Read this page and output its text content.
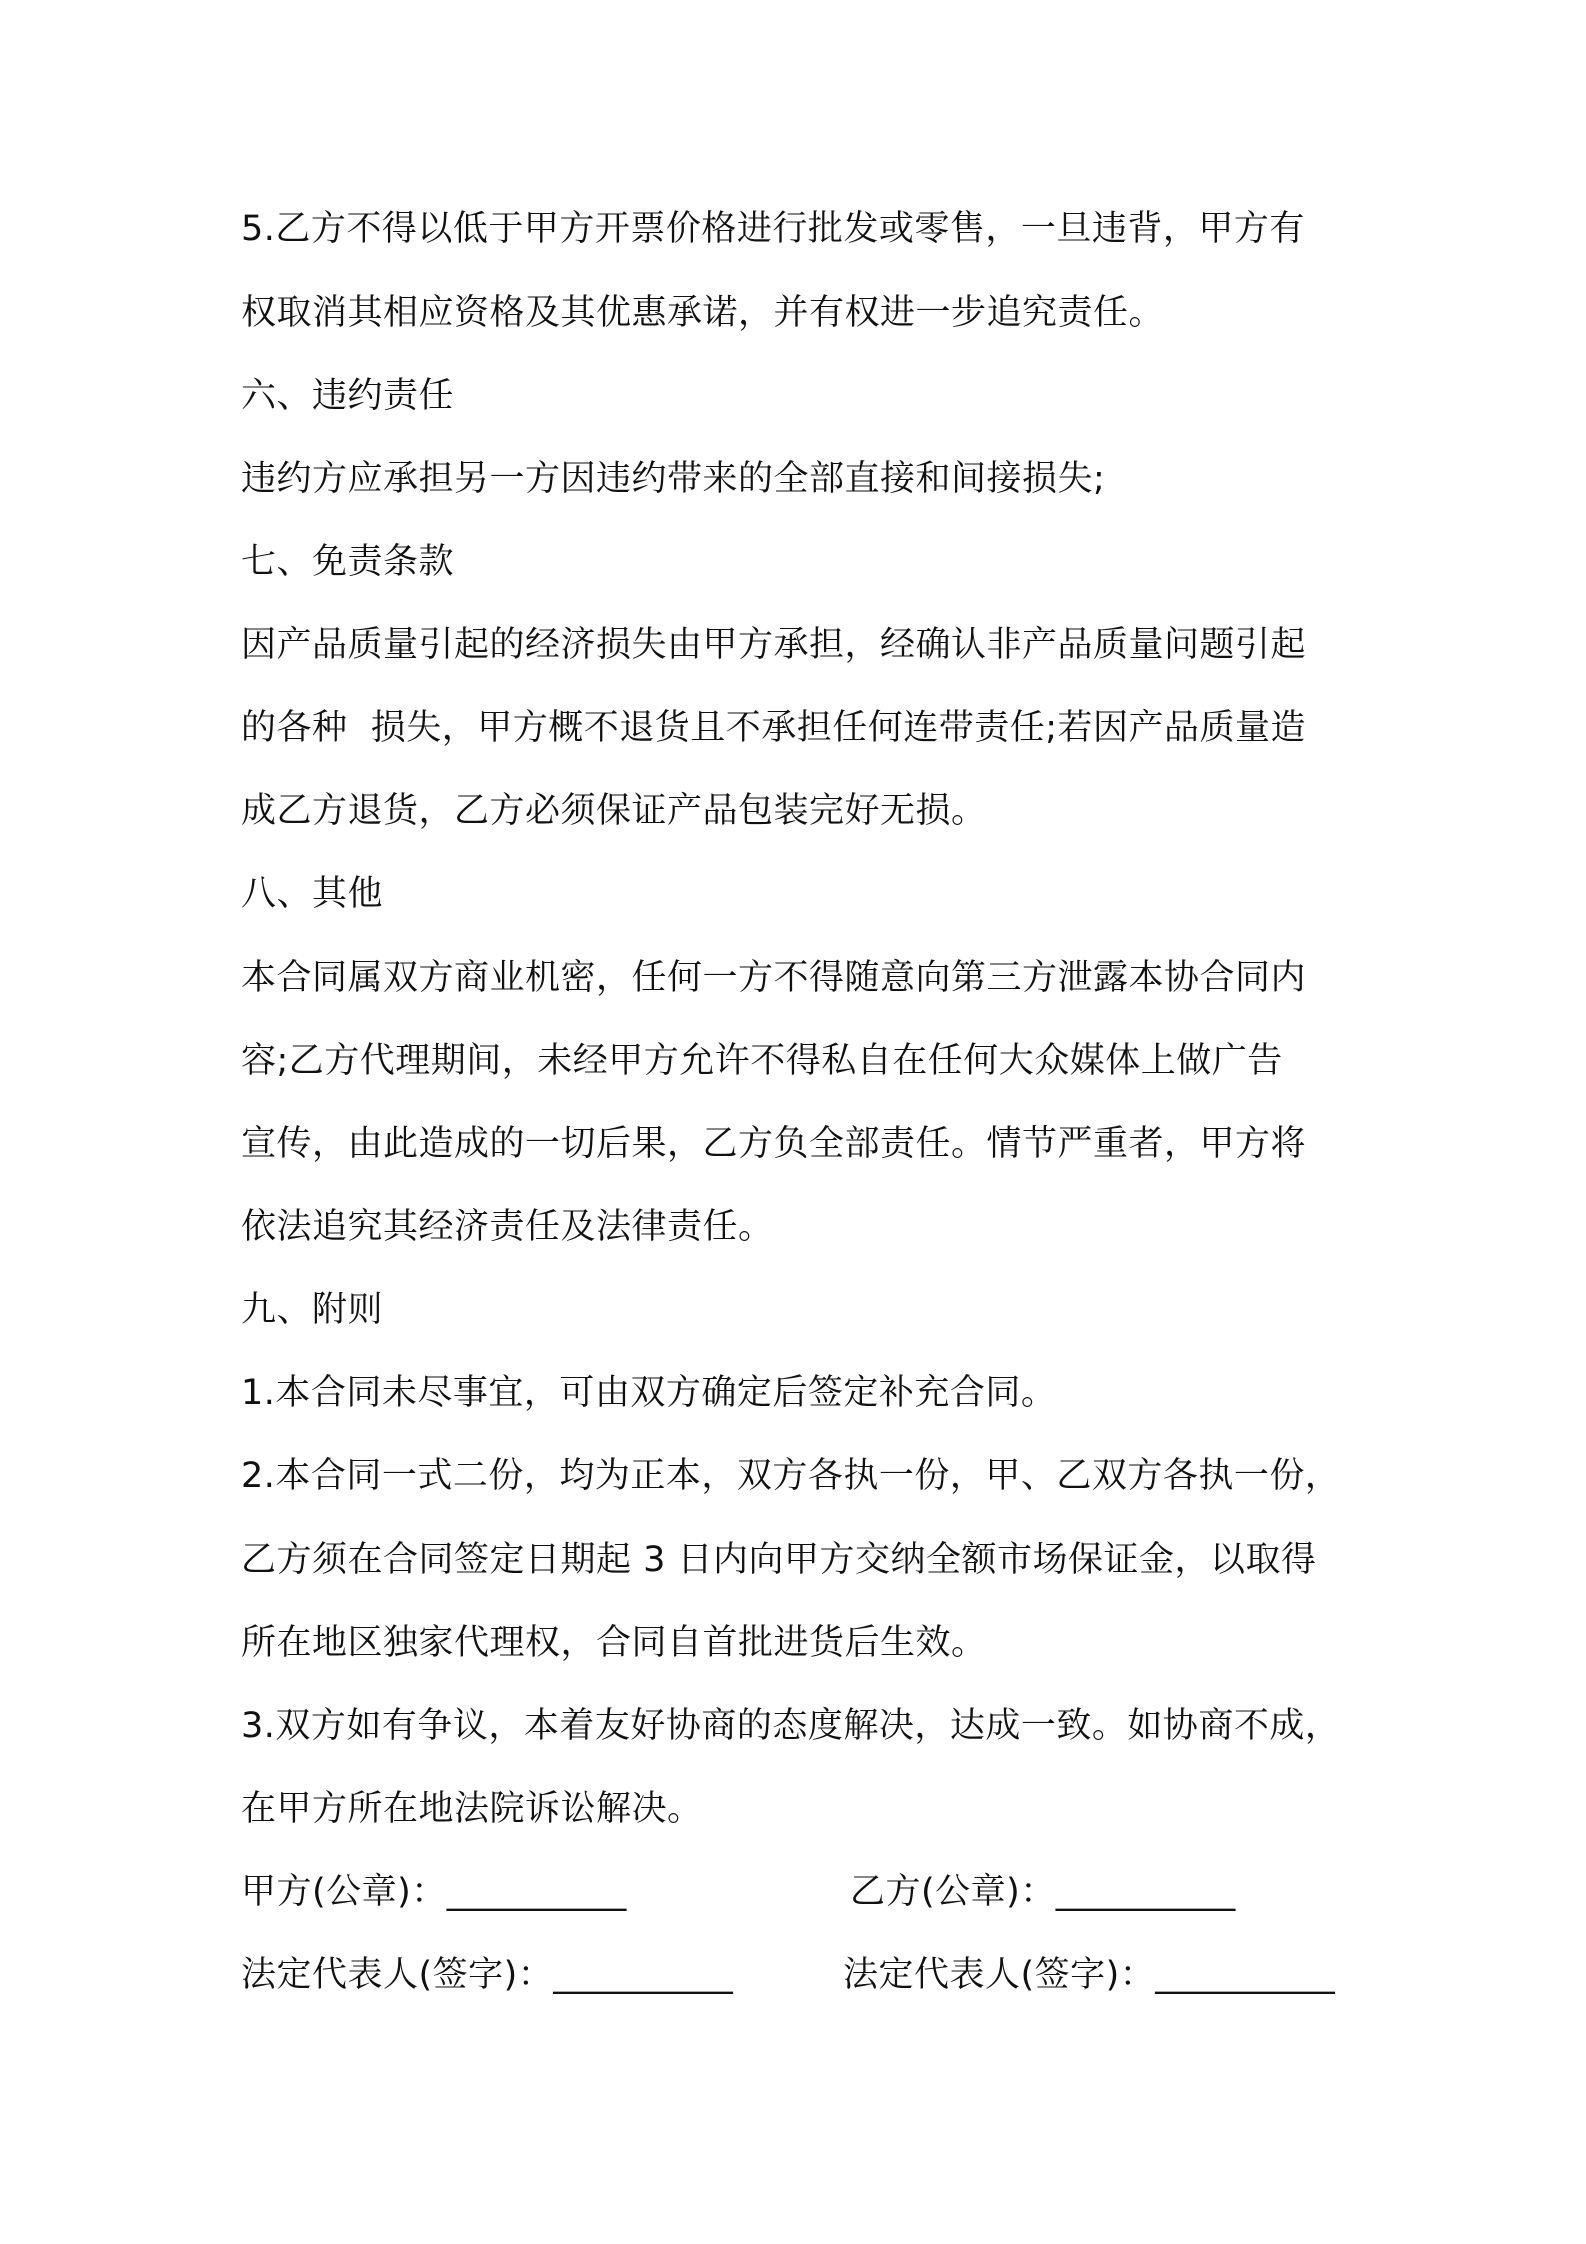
5.乙方不得以低于甲方开票价格进行批发或零售，一旦违背，甲方有
权取消其相应资格及其优惠承诺，并有权进一步追究责任。
六、违约责任
违约方应承担另一方因违约带来的全部直接和间接损失;
七、免责条款
因产品质量引起的经济损失由甲方承担，经确认非产品质量问题引起
的各种  损失，甲方概不退货且不承担任何连带责任;若因产品质量造
成乙方退货，乙方必须保证产品包装完好无损。
八、其他
本合同属双方商业机密，任何一方不得随意向第三方泄露本协合同内
容;乙方代理期间，未经甲方允许不得私自在任何大众媒体上做广告
宣传，由此造成的一切后果，乙方负全部责任。情节严重者，甲方将
依法追究其经济责任及法律责任。
九、附则
1.本合同未尽事宜，可由双方确定后签定补充合同。
2.本合同一式二份，均为正本，双方各执一份，甲、乙双方各执一份，
乙方须在合同签定日期起 3 日内向甲方交纳全额市场保证金，以取得
所在地区独家代理权，合同自首批进货后生效。
3.双方如有争议，本着友好协商的态度解决，达成一致。如协商不成，
在甲方所在地法院诉讼解决。
甲方(公章)：__________	乙方(公章)：__________
法定代表人(签字)：__________	法定代表人(签字)：__________
